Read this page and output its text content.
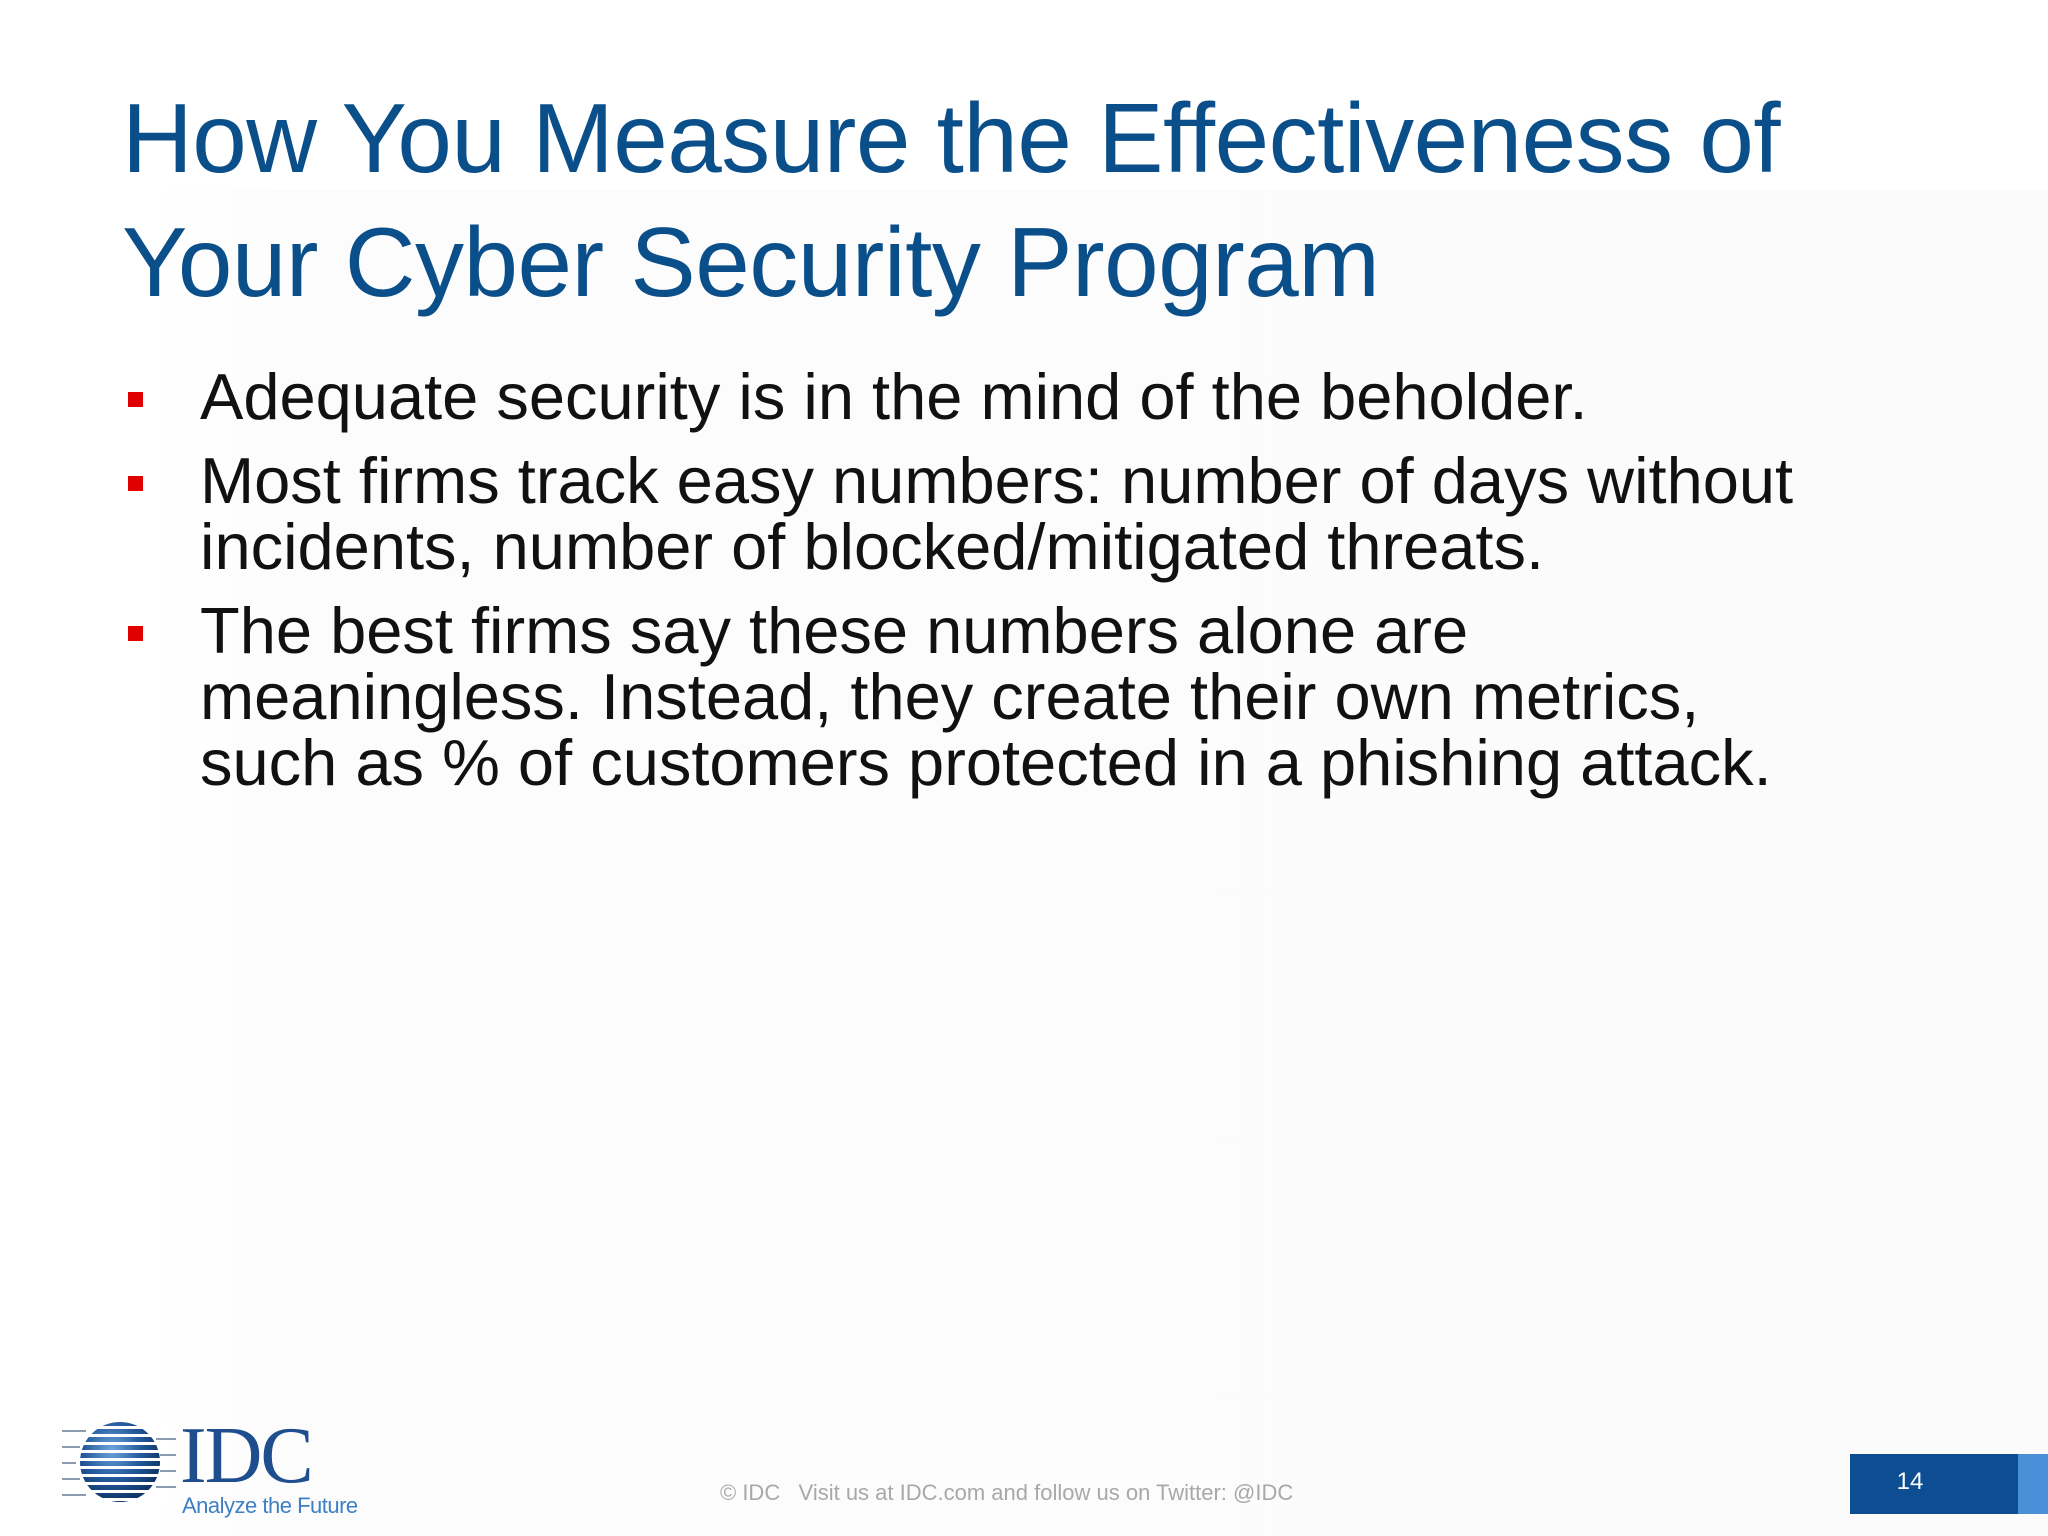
How You Measure the Effectiveness of
Your Cyber Security Program
Adequate security is in the mind of the beholder.
Most firms track easy numbers: number of days without
incidents, number of blocked/mitigated threats.
The best firms say these numbers alone are
meaningless. Instead, they create their own metrics,
such as % of customers protected in a phishing attack.
IDC
Analyze the Future
© IDC   Visit us at IDC.com and follow us on Twitter: @IDC	14
